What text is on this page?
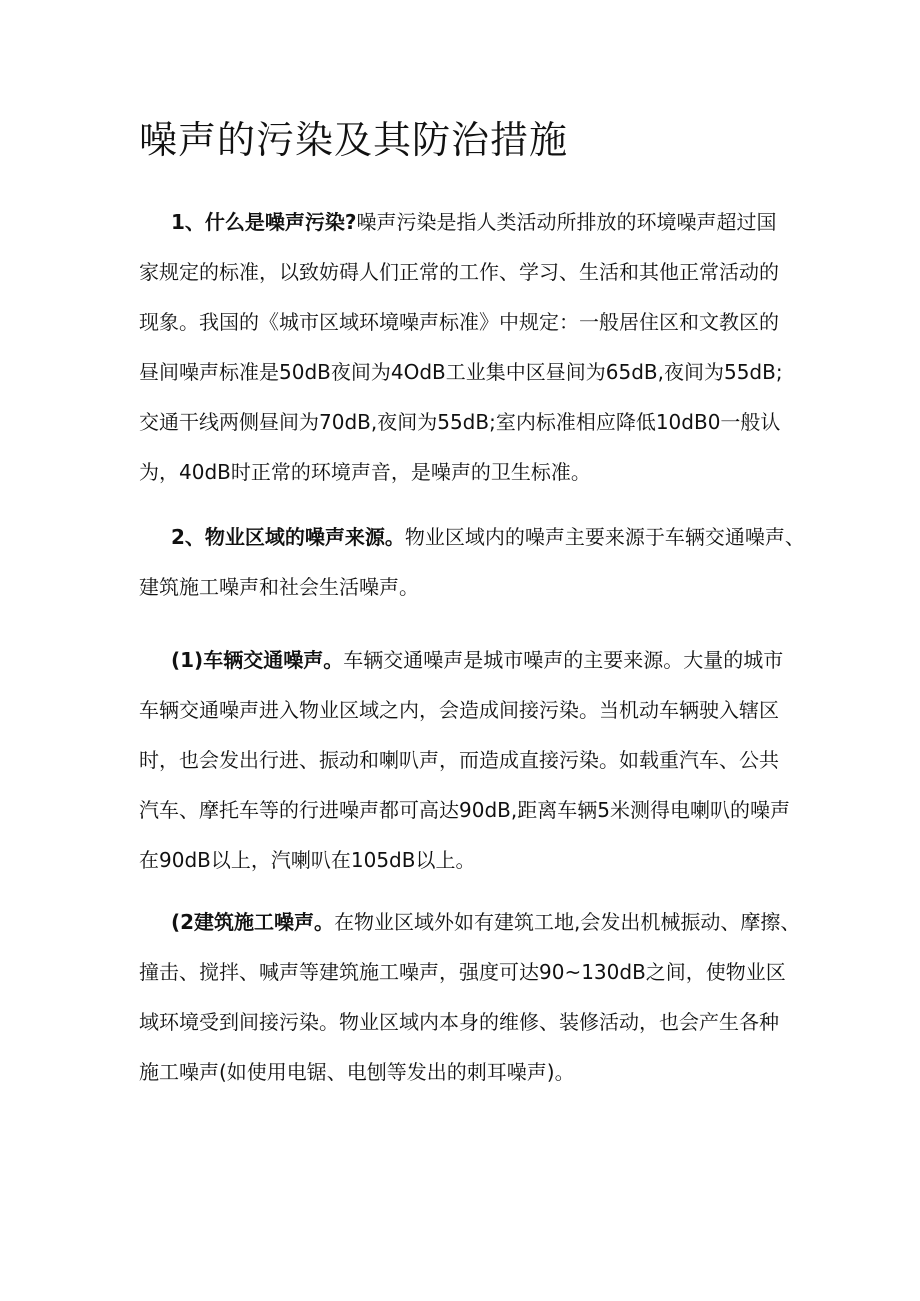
噪声的污染及其防治措施
1、什么是噪声污染?噪声污染是指人类活动所排放的环境噪声超过国
家规定的标准，以致妨碍人们正常的工作、学习、生活和其他正常活动的
现象。我国的《城市区域环境噪声标准》中规定：一般居住区和文教区的
昼间噪声标准是50dB夜间为4OdB工业集中区昼间为65dB,夜间为55dB;
交通干线两侧昼间为70dB,夜间为55dB;室内标准相应降低10dB0一般认
为，40dB时正常的环境声音，是噪声的卫生标准。
2、物业区域的噪声来源。物业区域内的噪声主要来源于车辆交通噪声、
建筑施工噪声和社会生活噪声。
(1)车辆交通噪声。车辆交通噪声是城市噪声的主要来源。大量的城市
车辆交通噪声进入物业区域之内，会造成间接污染。当机动车辆驶入辖区
时，也会发出行进、振动和喇叭声，而造成直接污染。如载重汽车、公共
汽车、摩托车等的行进噪声都可高达90dB,距离车辆5米测得电喇叭的噪声
在90dB以上，汽喇叭在105dB以上。
(2建筑施工噪声。在物业区域外如有建筑工地,会发出机械振动、摩擦、
撞击、搅拌、喊声等建筑施工噪声，强度可达90~130dB之间，使物业区
域环境受到间接污染。物业区域内本身的维修、装修活动，也会产生各种
施工噪声(如使用电锯、电刨等发出的刺耳噪声)。
